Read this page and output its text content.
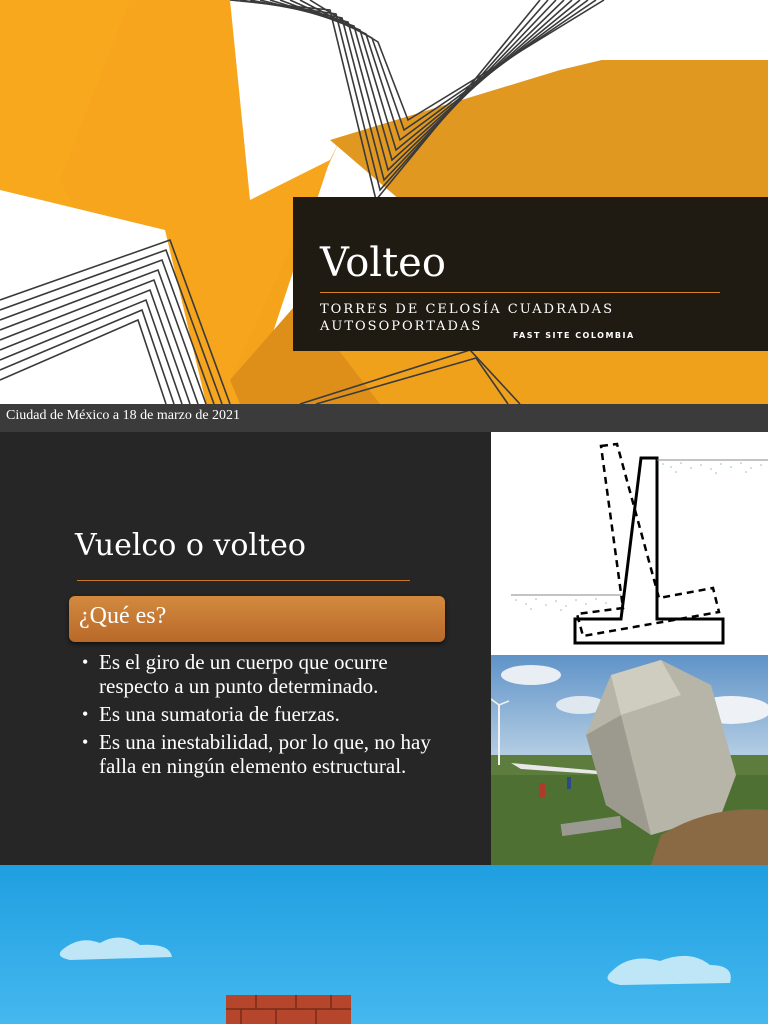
Volteo
TORRES DE CELOSÍA CUADRADAS AUTOSOPORTADAS
FAST SITE COLOMBIA
Ciudad de México a 18 de marzo de 2021
Vuelco o volteo
¿Qué es?
• Es el giro de un cuerpo que ocurre respecto a un punto determinado.
• Es una sumatoria de fuerzas.
• Es una inestabilidad, por lo que, no hay falla en ningún elemento estructural.
